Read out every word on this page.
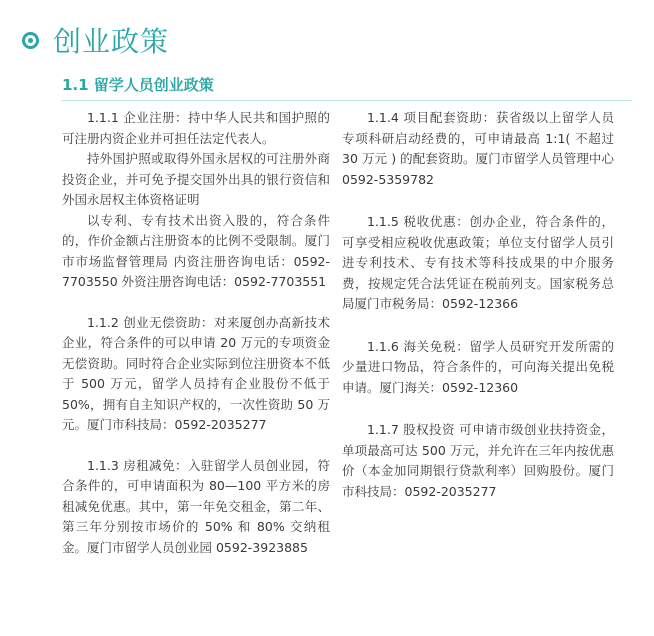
创业政策
1.1 留学人员创业政策

1.1.1 企业注册：持中华人民共和国护照的可注册内资企业并可担任法定代表人。

持外国护照或取得外国永居权的可注册外商投资企业，并可免予提交国外出具的银行资信和外国永居权主体资格证明

以专利、专有技术出资入股的，符合条件的，作价金额占注册资本的比例不受限制。厦门市市场监督管理局 内资注册咨询电话：0592-7703550 外资注册咨询电话：0592-7703551

1.1.2 创业无偿资助：对来厦创办高新技术企业，符合条件的可以申请 20 万元的专项资金无偿资助。同时符合企业实际到位注册资本不低于 500 万元，留学人员持有企业股份不低于 50%，拥有自主知识产权的，一次性资助 50 万元。厦门市科技局：0592-2035277

1.1.3 房租减免：入驻留学人员创业园，符合条件的，可申请面积为 80—100 平方米的房租减免优惠。其中，第一年免交租金，第二年、第三年分别按市场价的 50% 和 80% 交纳租金。厦门市留学人员创业园 0592-3923885

1.1.4 项目配套资助：获省级以上留学人员专项科研启动经费的，可申请最高 1:1( 不超过 30 万元 ) 的配套资助。厦门市留学人员管理中心 0592-5359782

1.1.5 税收优惠：创办企业，符合条件的，可享受相应税收优惠政策；单位支付留学人员引进专利技术、专有技术等科技成果的中介服务费，按规定凭合法凭证在税前列支。国家税务总局厦门市税务局：0592-12366

1.1.6 海关免税：留学人员研究开发所需的少量进口物品，符合条件的，可向海关提出免税申请。厦门海关：0592-12360

1.1.7 股权投资 可申请市级创业扶持资金，单项最高可达 500 万元，并允许在三年内按优惠价（本金加同期银行贷款利率）回购股份。厦门市科技局：0592-2035277
